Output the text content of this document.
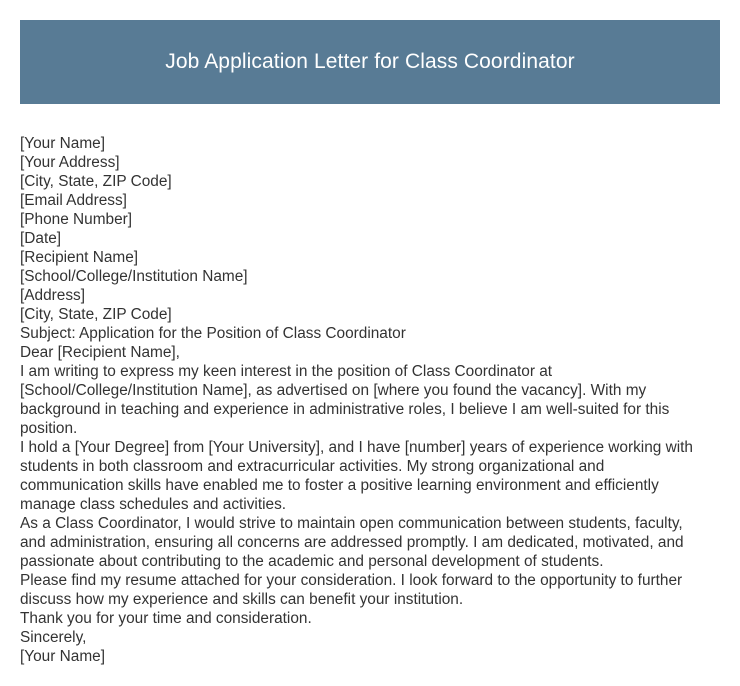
Job Application Letter for Class Coordinator
[Your Name]
[Your Address]
[City, State, ZIP Code]
[Email Address]
[Phone Number]
[Date]
[Recipient Name]
[School/College/Institution Name]
[Address]
[City, State, ZIP Code]
Subject: Application for the Position of Class Coordinator
Dear [Recipient Name],
I am writing to express my keen interest in the position of Class Coordinator at
[School/College/Institution Name], as advertised on [where you found the vacancy]. With my
background in teaching and experience in administrative roles, I believe I am well-suited for this
position.
I hold a [Your Degree] from [Your University], and I have [number] years of experience working with
students in both classroom and extracurricular activities. My strong organizational and
communication skills have enabled me to foster a positive learning environment and efficiently
manage class schedules and activities.
As a Class Coordinator, I would strive to maintain open communication between students, faculty,
and administration, ensuring all concerns are addressed promptly. I am dedicated, motivated, and
passionate about contributing to the academic and personal development of students.
Please find my resume attached for your consideration. I look forward to the opportunity to further
discuss how my experience and skills can benefit your institution.
Thank you for your time and consideration.
Sincerely,
[Your Name]
